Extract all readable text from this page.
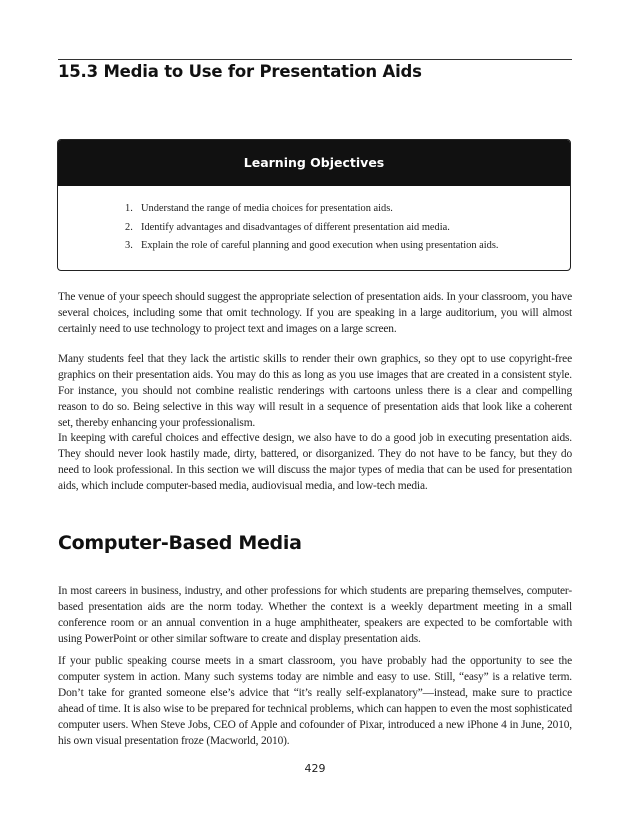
15.3 Media to Use for Presentation Aids
Learning Objectives
1. Understand the range of media choices for presentation aids.
2. Identify advantages and disadvantages of different presentation aid media.
3. Explain the role of careful planning and good execution when using presentation aids.

The venue of your speech should suggest the appropriate selection of presentation aids. In your classroom, you have several choices, including some that omit technology. If you are speaking in a large auditorium, you will almost certainly need to use technology to project text and images on a large screen.

Many students feel that they lack the artistic skills to render their own graphics, so they opt to use copyright-free graphics on their presentation aids. You may do this as long as you use images that are created in a consistent style. For instance, you should not combine realistic renderings with cartoons unless there is a clear and compelling reason to do so. Being selective in this way will result in a sequence of presentation aids that look like a coherent set, thereby enhancing your professionalism.

In keeping with careful choices and effective design, we also have to do a good job in executing presentation aids. They should never look hastily made, dirty, battered, or disorganized. They do not have to be fancy, but they do need to look professional. In this section we will discuss the major types of media that can be used for presentation aids, which include computer-based media, audiovisual media, and low-tech media.

Computer-Based Media

In most careers in business, industry, and other professions for which students are preparing themselves, computer-based presentation aids are the norm today. Whether the context is a weekly department meeting in a small conference room or an annual convention in a huge amphitheater, speakers are expected to be comfortable with using PowerPoint or other similar software to create and display presentation aids.

If your public speaking course meets in a smart classroom, you have probably had the opportunity to see the computer system in action. Many such systems today are nimble and easy to use. Still, “easy” is a relative term. Don’t take for granted someone else’s advice that “it’s really self-explanatory”—instead, make sure to practice ahead of time. It is also wise to be prepared for technical problems, which can happen to even the most sophisticated computer users. When Steve Jobs, CEO of Apple and cofounder of Pixar, introduced a new iPhone 4 in June, 2010, his own visual presentation froze (Macworld, 2010).

429
